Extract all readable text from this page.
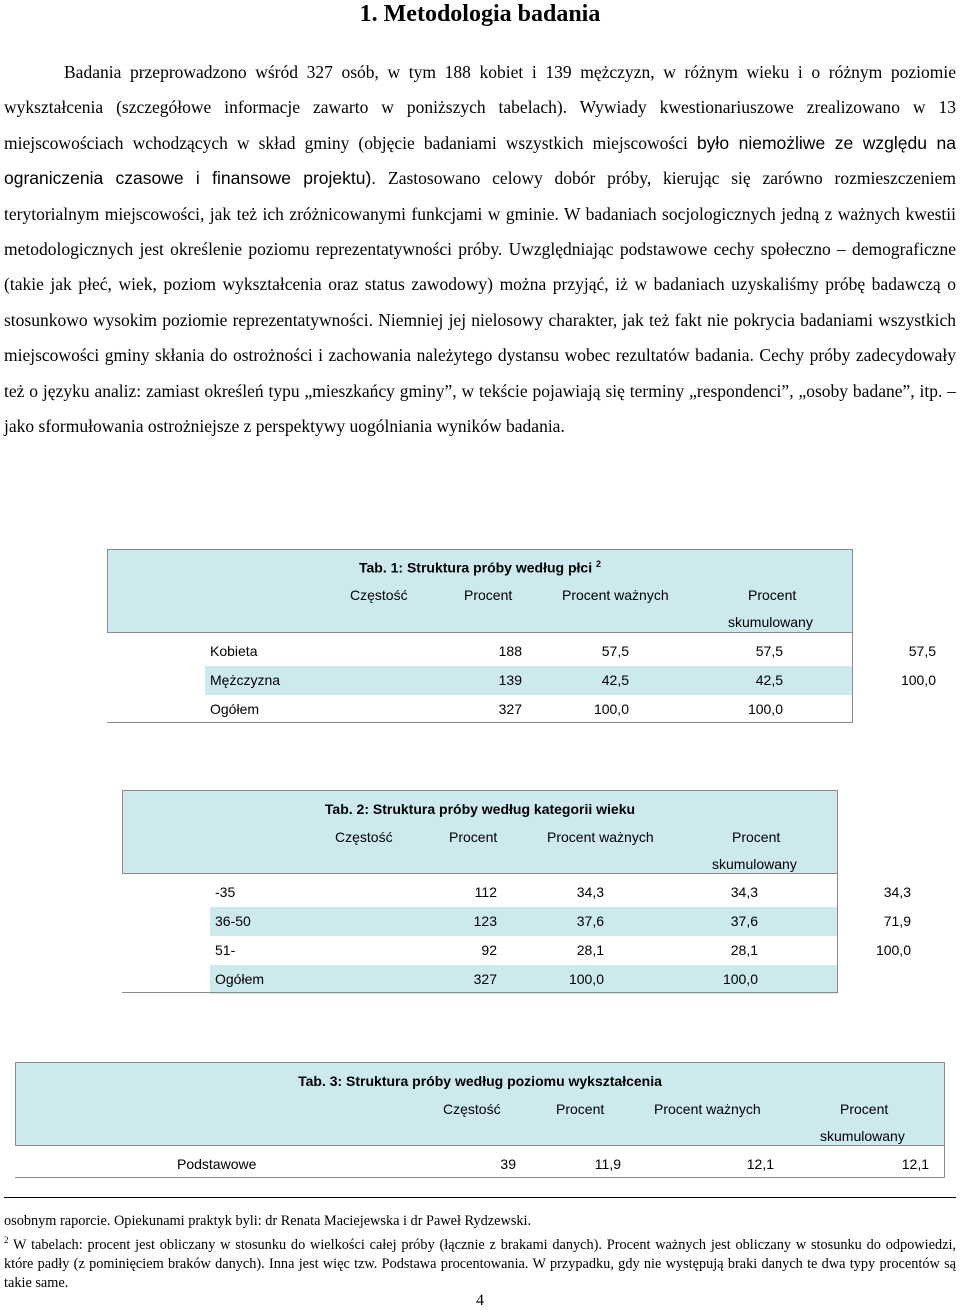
1. Metodologia badania

Badania przeprowadzono wśród 327 osób, w tym 188 kobiet i 139 mężczyzn, w różnym wieku i o różnym poziomie wykształcenia (szczegółowe informacje zawarto w poniższych tabelach). Wywiady kwestionariuszowe zrealizowano w 13 miejscowościach wchodzących w skład gminy (objęcie badaniami wszystkich miejscowości było niemożliwe ze względu na ograniczenia czasowe i finansowe projektu). Zastosowano celowy dobór próby, kierując się zarówno rozmieszczeniem terytorialnym miejscowości, jak też ich zróżnicowanymi funkcjami w gminie. W badaniach socjologicznych jedną z ważnych kwestii metodologicznych jest określenie poziomu reprezentatywności próby. Uwzględniając podstawowe cechy społeczno – demograficzne (takie jak płeć, wiek, poziom wykształcenia oraz status zawodowy) można przyjąć, iż w badaniach uzyskaliśmy próbę badawczą o stosunkowo wysokim poziomie reprezentatywności. Niemniej jej nielosowy charakter, jak też fakt nie pokrycia badaniami wszystkich miejscowości gminy skłania do ostrożności i zachowania należytego dystansu wobec rezultatów badania. Cechy próby zadecydowały też o języku analiz: zamiast określeń typu „mieszkańcy gminy”, w tekście pojawiają się terminy „respondenci”, „osoby badane”, itp. – jako sformułowania ostrożniejsze z perspektywy uogólniania wyników badania.

Tab. 1: Struktura próby według płci $^2$
Częstość	Procent	Procent ważnych	Procent
skumulowany
Kobieta	188	57,5	57,5	57,5
Mężczyzna	139	42,5	42,5	100,0
Ogółem	327	100,0	100,0
Tab. 2: Struktura próby według kategorii wieku
Częstość	Procent	Procent ważnych	Procent
skumulowany
-35	112	34,3	34,3	34,3
36-50	123	37,6	37,6	71,9
51-	92	28,1	28,1	100,0
Ogółem	327	100,0	100,0
Tab. 3: Struktura próby według poziomu wykształcenia
Częstość	Procent	Procent ważnych	Procent
skumulowany
Podstawowe	39	11,9	12,1	12,1

osobnym raporcie. Opiekunami praktyk byli: dr Renata Maciejewska i dr Paweł Rydzewski.

$^2$ W tabelach: procent jest obliczany w stosunku do wielkości całej próby (łącznie z brakami danych). Procent ważnych jest obliczany w stosunku do odpowiedzi, które padły (z pominięciem braków danych). Inna jest więc tzw. Podstawa procentowania. W przypadku, gdy nie występują braki danych te dwa typy procentów są takie same.

4
